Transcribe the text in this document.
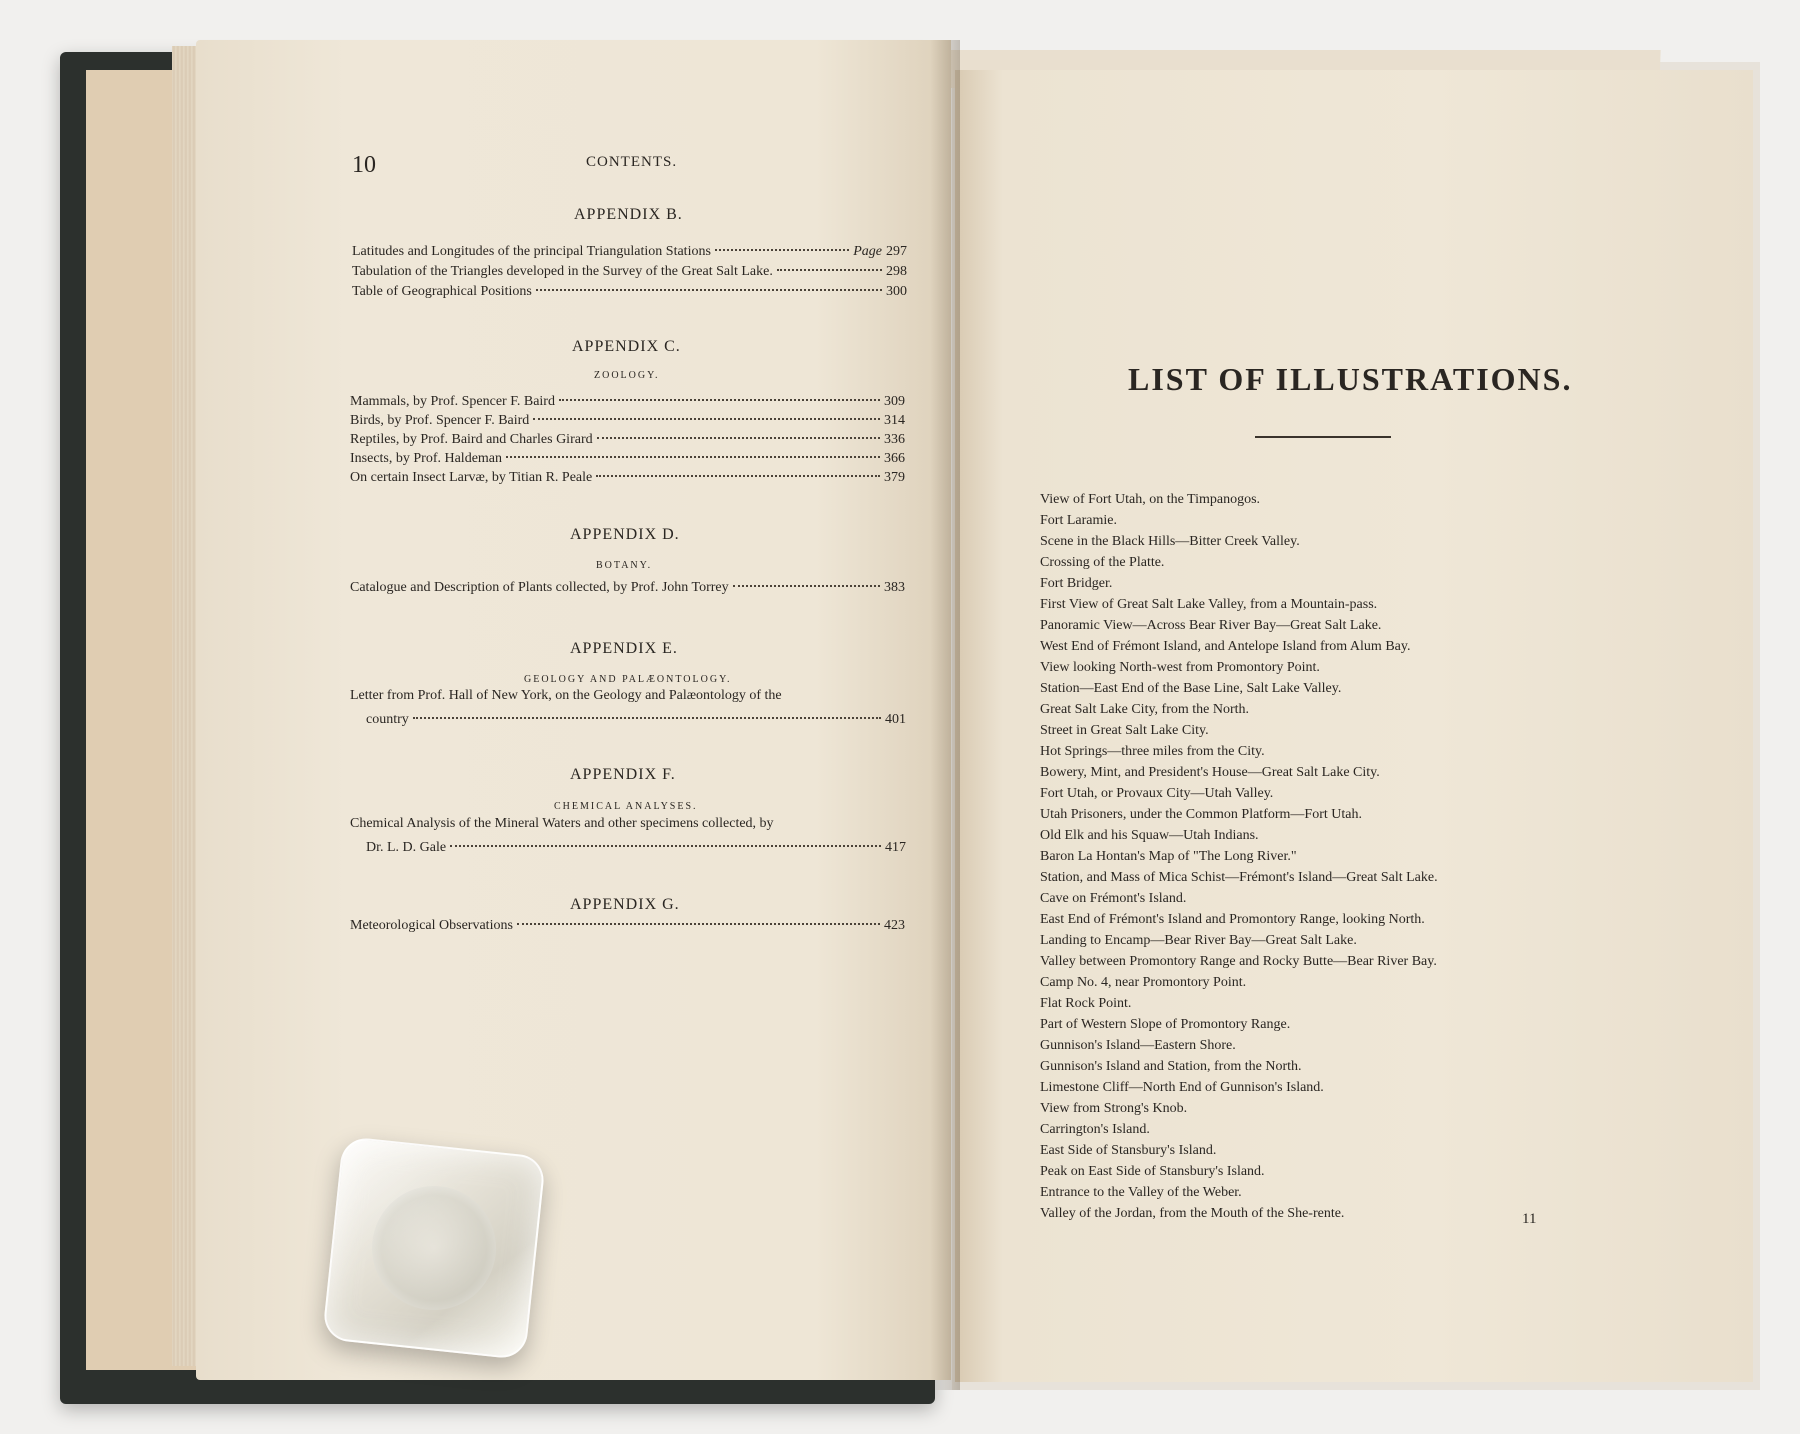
10	CONTENTS.

APPENDIX B.

Latitudes and Longitudes of the principal Triangulation Stations	Page 297
Tabulation of the Triangles developed in the Survey of the Great Salt Lake.	298
Table of Geographical Positions	300

APPENDIX C.

ZOOLOGY.

Mammals, by Prof. Spencer F. Baird	309
Birds, by Prof. Spencer F. Baird	314
Reptiles, by Prof. Baird and Charles Girard	336
Insects, by Prof. Haldeman	366
On certain Insect Larvæ, by Titian R. Peale	379

APPENDIX D.

BOTANY.

Catalogue and Description of Plants collected, by Prof. John Torrey	383

APPENDIX E.

GEOLOGY AND PALÆONTOLOGY.

Letter from Prof. Hall of New York, on the Geology and Palæontology of the

country	401

APPENDIX F.

CHEMICAL ANALYSES.

Chemical Analysis of the Mineral Waters and other specimens collected, by

Dr. L. D. Gale	417

APPENDIX G.

Meteorological Observations	423

LIST OF ILLUSTRATIONS.

View of Fort Utah, on the Timpanogos.

Fort Laramie.

Scene in the Black Hills—Bitter Creek Valley.

Crossing of the Platte.

Fort Bridger.

First View of Great Salt Lake Valley, from a Mountain-pass.

Panoramic View—Across Bear River Bay—Great Salt Lake.

West End of Frémont Island, and Antelope Island from Alum Bay.

View looking North-west from Promontory Point.

Station—East End of the Base Line, Salt Lake Valley.

Great Salt Lake City, from the North.

Street in Great Salt Lake City.

Hot Springs—three miles from the City.

Bowery, Mint, and President's House—Great Salt Lake City.

Fort Utah, or Provaux City—Utah Valley.

Utah Prisoners, under the Common Platform—Fort Utah.

Old Elk and his Squaw—Utah Indians.

Baron La Hontan's Map of "The Long River."

Station, and Mass of Mica Schist—Frémont's Island—Great Salt Lake.

Cave on Frémont's Island.

East End of Frémont's Island and Promontory Range, looking North.

Landing to Encamp—Bear River Bay—Great Salt Lake.

Valley between Promontory Range and Rocky Butte—Bear River Bay.

Camp No. 4, near Promontory Point.

Flat Rock Point.

Part of Western Slope of Promontory Range.

Gunnison's Island—Eastern Shore.

Gunnison's Island and Station, from the North.

Limestone Cliff—North End of Gunnison's Island.

View from Strong's Knob.

Carrington's Island.

East Side of Stansbury's Island.

Peak on East Side of Stansbury's Island.

Entrance to the Valley of the Weber.

Valley of the Jordan, from the Mouth of the She-rente.	11
